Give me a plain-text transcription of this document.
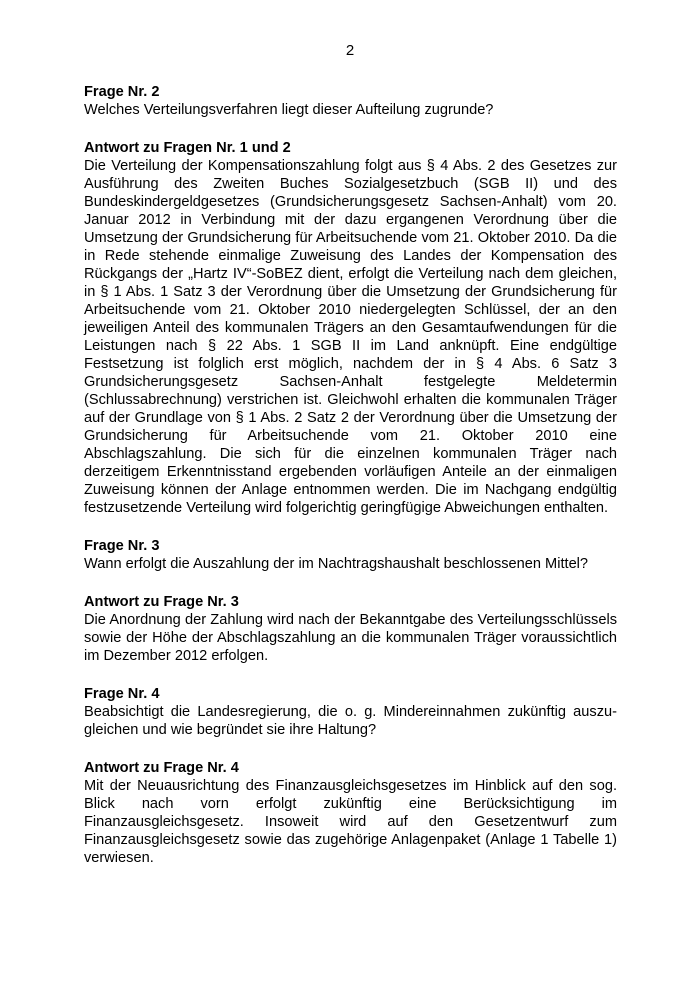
2

Frage Nr. 2

Welches Verteilungsverfahren liegt dieser Aufteilung zugrunde?

Antwort zu Fragen Nr. 1 und 2

Die Verteilung der Kompensationszahlung folgt aus § 4 Abs. 2 des Gesetzes zur Ausführung des Zweiten Buches Sozialgesetzbuch (SGB II) und des Bundeskindergeldgesetzes (Grundsicherungsgesetz Sachsen-Anhalt) vom 20. Januar 2012 in Verbindung mit der dazu ergangenen Verordnung über die Umsetzung der Grundsicherung für Arbeitsuchende vom 21. Oktober 2010. Da die in Rede stehende einmalige Zuweisung des Landes der Kompensation des Rückgangs der „Hartz IV“-SoBEZ dient, erfolgt die Verteilung nach dem gleichen, in § 1 Abs. 1 Satz 3 der Verordnung über die Umsetzung der Grundsicherung für Arbeitsuchende vom 21. Oktober 2010 niedergelegten Schlüssel, der an den jeweiligen Anteil des kommunalen Trägers an den Gesamtaufwendungen für die Leistungen nach § 22 Abs. 1 SGB II im Land anknüpft. Eine endgültige Festsetzung ist folglich erst möglich, nachdem der in § 4 Abs. 6 Satz 3 Grundsicherungsgesetz Sachsen-Anhalt festgelegte Meldetermin (Schlussabrechnung) verstrichen ist. Gleichwohl erhalten die kommunalen Träger auf der Grundlage von § 1 Abs. 2 Satz 2 der Verordnung über die Umsetzung der Grundsicherung für Arbeitsuchende vom 21. Oktober 2010 eine Abschlagszahlung. Die sich für die einzelnen kommunalen Träger nach derzeitigem Erkenntnisstand ergebenden vorläufigen Anteile an der einmaligen Zuweisung können der Anlage entnommen werden. Die im Nachgang endgültig festzusetzende Verteilung wird folgerichtig geringfügige Abweichungen enthalten.

Frage Nr. 3

Wann erfolgt die Auszahlung der im Nachtragshaushalt beschlossenen Mittel?

Antwort zu Frage Nr. 3

Die Anordnung der Zahlung wird nach der Bekanntgabe des Verteilungsschlüssels sowie der Höhe der Abschlagszahlung an die kommunalen Träger voraussichtlich im Dezember 2012 erfolgen.

Frage Nr. 4

Beabsichtigt die Landesregierung, die o. g. Mindereinnahmen zukünftig auszugleichen und wie begründet sie ihre Haltung?

Antwort zu Frage Nr. 4

Mit der Neuausrichtung des Finanzausgleichsgesetzes im Hinblick auf den sog. Blick nach vorn erfolgt zukünftig eine Berücksichtigung im Finanzausgleichsgesetz. Insoweit wird auf den Gesetzentwurf zum Finanzausgleichsgesetz sowie das zugehörige Anlagenpaket (Anlage 1 Tabelle 1) verwiesen.
